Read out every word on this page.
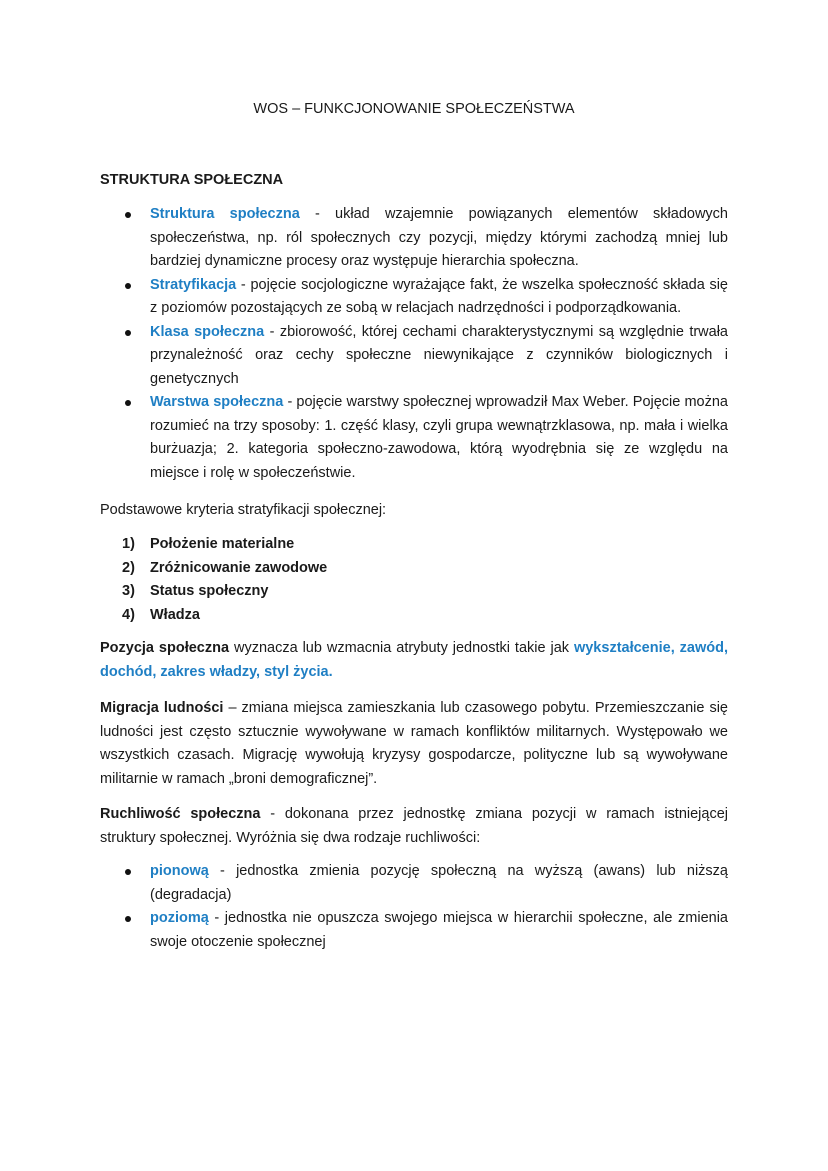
WOS – FUNKCJONOWANIE SPOŁECZEŃSTWA
STRUKTURA SPOŁECZNA
Struktura społeczna - układ wzajemnie powiązanych elementów składowych społeczeństwa, np. ról społecznych czy pozycji, między którymi zachodzą mniej lub bardziej dynamiczne procesy oraz występuje hierarchia społeczna.
Stratyfikacja - pojęcie socjologiczne wyrażające fakt, że wszelka społeczność składa się z poziomów pozostających ze sobą w relacjach nadrzędności i podporządkowania.
Klasa społeczna - zbiorowość, której cechami charakterystycznymi są względnie trwała przynależność oraz cechy społeczne niewynikające z czynników biologicznych i genetycznych
Warstwa społeczna - pojęcie warstwy społecznej wprowadził Max Weber. Pojęcie można rozumieć na trzy sposoby: 1. część klasy, czyli grupa wewnątrzklasowa, np. mała i wielka burżuazja; 2. kategoria społeczno-zawodowa, którą wyodrębnia się ze względu na miejsce i rolę w społeczeństwie.
Podstawowe kryteria stratyfikacji społecznej:
1) Położenie materialne
2) Zróżnicowanie zawodowe
3) Status społeczny
4) Władza
Pozycja społeczna wyznacza lub wzmacnia atrybuty jednostki takie jak wykształcenie, zawód, dochód, zakres władzy, styl życia.
Migracja ludności – zmiana miejsca zamieszkania lub czasowego pobytu. Przemieszczanie się ludności jest często sztucznie wywoływane w ramach konfliktów militarnych. Występowało we wszystkich czasach. Migrację wywołują kryzysy gospodarcze, polityczne lub są wywoływane militarnie w ramach „broni demograficznej”.
Ruchliwość społeczna - dokonana przez jednostkę zmiana pozycji w ramach istniejącej struktury społecznej. Wyróżnia się dwa rodzaje ruchliwości:
pionową - jednostka zmienia pozycję społeczną na wyższą (awans) lub niższą (degradacja)
poziomą - jednostka nie opuszcza swojego miejsca w hierarchii społeczne, ale zmienia swoje otoczenie społecznej
